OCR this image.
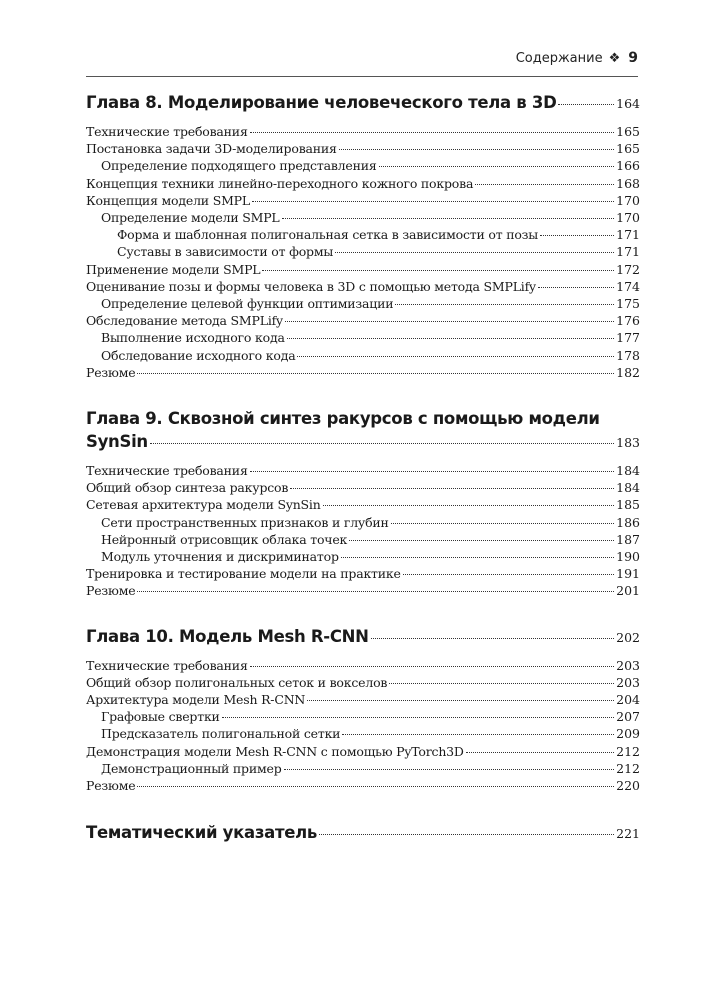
Содержание ❖ 9
Глава 8. Моделирование человеческого тела в 3D	164
Технические требования	165
Постановка задачи 3D-моделирования	165
Определение подходящего представления	166
Концепция техники линейно-переходного кожного покрова	168
Концепция модели SMPL	170
Определение модели SMPL	170
Форма и шаблонная полигональная сетка в зависимости от позы	171
Суставы в зависимости от формы	171
Применение модели SMPL	172
Оценивание позы и формы человека в 3D с помощью метода SMPLify	174
Определение целевой функции оптимизации	175
Обследование метода SMPLify	176
Выполнение исходного кода	177
Обследование исходного кода	178
Резюме	182
Глава 9. Сквозной синтез ракурсов с помощью модели
SynSin	183
Технические требования	184
Общий обзор синтеза ракурсов	184
Сетевая архитектура модели SynSin	185
Сети пространственных признаков и глубин	186
Нейронный отрисовщик облака точек	187
Модуль уточнения и дискриминатор	190
Тренировка и тестирование модели на практике	191
Резюме	201
Глава 10. Модель Mesh R-CNN	202
Технические требования	203
Общий обзор полигональных сеток и вокселов	203
Архитектура модели Mesh R-CNN	204
Графовые свертки	207
Предсказатель полигональной сетки	209
Демонстрация модели Mesh R-CNN с помощью PyTorch3D	212
Демонстрационный пример	212
Резюме	220
Тематический указатель	221
